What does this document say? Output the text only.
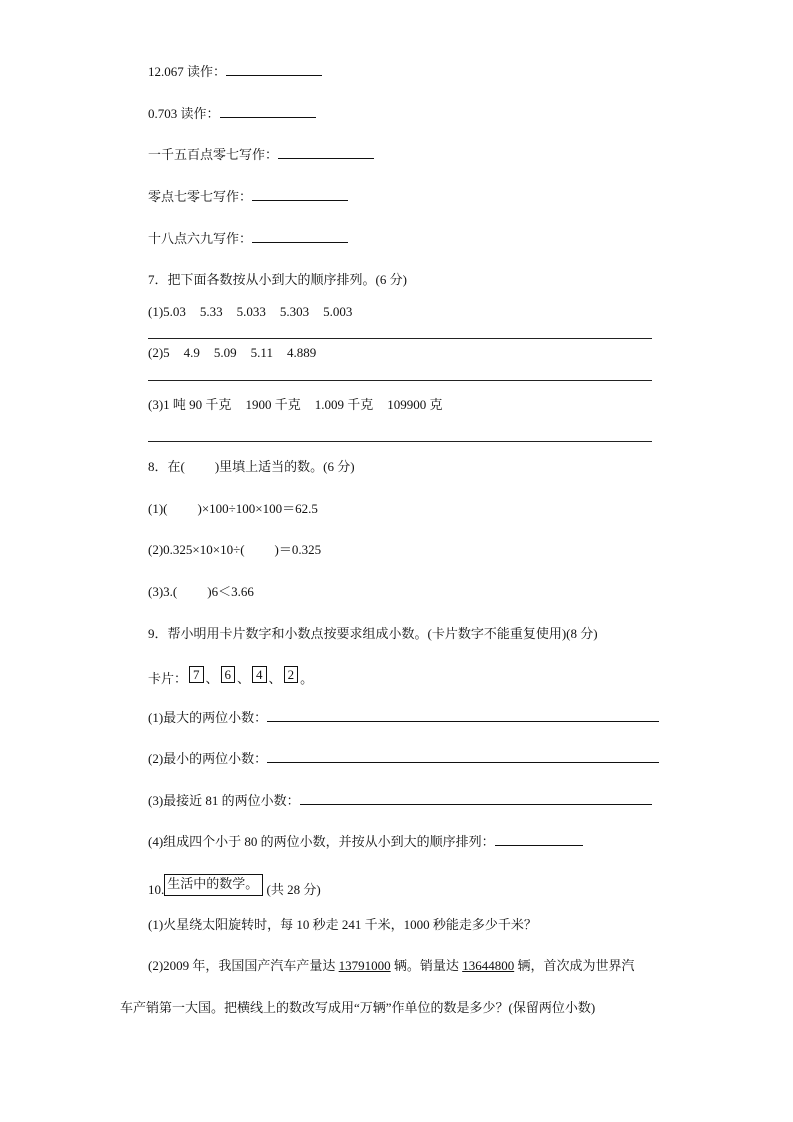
12.067 读作：
0.703 读作：
一千五百点零七写作：
零点七零七写作：
十八点六九写作：
7．把下面各数按从小到大的顺序排列。(6 分)
(1)5.03 5.33 5.033 5.303 5.003
(2)5 4.9 5.09 5.11 4.889
(3)1 吨 90 千克 1900 千克 1.009 千克 109900 克
8．在( )里填上适当的数。(6 分)
(1)( )×100÷100×100＝62.5
(2)0.325×10×10÷( )＝0.325
(3)3.( )6＜3.66
9．帮小明用卡片数字和小数点按要求组成小数。(卡片数字不能重复使用)(8 分)
卡片： 7 、 6 、 4 、 2 。
(1)最大的两位小数：
(2)最小的两位小数：
(3)最接近 81 的两位小数：
(4)组成四个小于 80 的两位小数，并按从小到大的顺序排列：
10. 生活中的数学。 (共 28 分)
(1)火星绕太阳旋转时，每 10 秒走 241 千米，1000 秒能走多少千米？
(2)2009 年，我国国产汽车产量达 13791000 辆。销量达 13644800 辆，首次成为世界汽
车产销第一大国。把横线上的数改写成用“万辆”作单位的数是多少？(保留两位小数)
